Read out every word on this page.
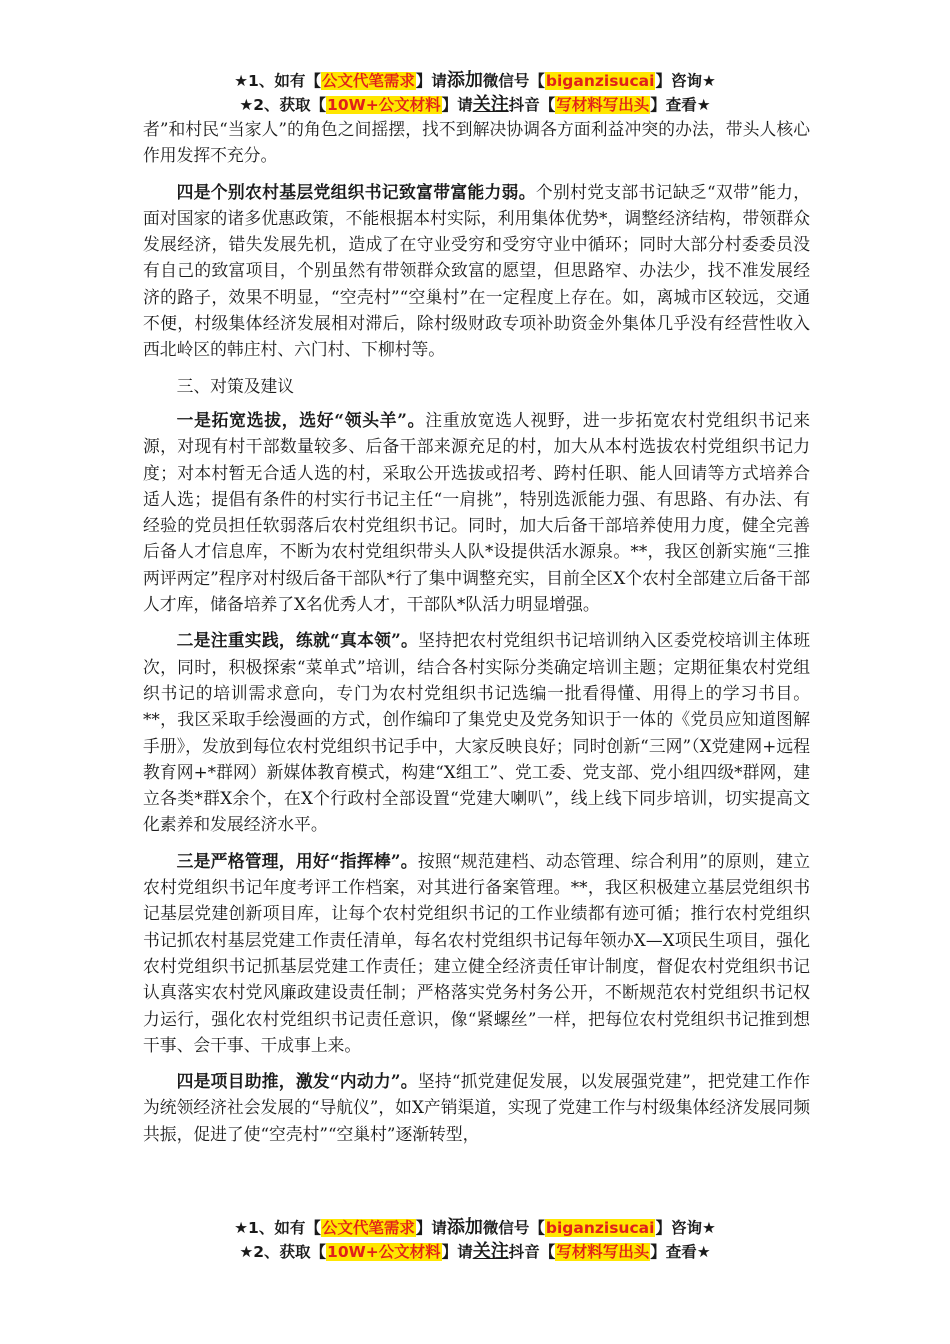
★1、如有【公文代笔需求】请添加微信号【biganzisucai】咨询★
★2、获取【10W+公文材料】请关注抖音【写材料写出头】查看★

者”和村民“当家人”的角色之间摇摆，找不到解决协调各方面利益冲突的办法，带头人核心作用发挥不充分。

四是个别农村基层党组织书记致富带富能力弱。个别村党支部书记缺乏“双带”能力，面对国家的诸多优惠政策，不能根据本村实际，利用集体优势*，调整经济结构，带领群众发展经济，错失发展先机，造成了在守业受穷和受穷守业中循环；同时大部分村委委员没有自己的致富项目，个别虽然有带领群众致富的愿望，但思路窄、办法少，找不准发展经济的路子，效果不明显，“空壳村”“空巢村”在一定程度上存在。如，离城市区较远，交通不便，村级集体经济发展相对滞后，除村级财政专项补助资金外集体几乎没有经营性收入西北岭区的韩庄村、六门村、下柳村等。

三、对策及建议

一是拓宽选拔，选好“领头羊”。注重放宽选人视野，进一步拓宽农村党组织书记来源，对现有村干部数量较多、后备干部来源充足的村，加大从本村选拔农村党组织书记力度；对本村暂无合适人选的村，采取公开选拔或招考、跨村任职、能人回请等方式培养合适人选；提倡有条件的村实行书记主任“一肩挑”，特别选派能力强、有思路、有办法、有经验的党员担任软弱落后农村党组织书记。同时，加大后备干部培养使用力度，健全完善后备人才信息库，不断为农村党组织带头人队*设提供活水源泉。**，我区创新实施“三推两评两定”程序对村级后备干部队*行了集中调整充实，目前全区X个农村全部建立后备干部人才库，储备培养了X名优秀人才，干部队*队活力明显增强。

二是注重实践，练就“真本领”。坚持把农村党组织书记培训纳入区委党校培训主体班次，同时，积极探索“菜单式”培训，结合各村实际分类确定培训主题；定期征集农村党组织书记的培训需求意向，专门为农村党组织书记选编一批看得懂、用得上的学习书目。**，我区采取手绘漫画的方式，创作编印了集党史及党务知识于一体的《党员应知道图解手册》，发放到每位农村党组织书记手中，大家反映良好；同时创新“三网”（X党建网+远程教育网+*群网）新媒体教育模式，构建“X组工”、党工委、党支部、党小组四级*群网，建立各类*群X余个，在X个行政村全部设置“党建大喇叭”，线上线下同步培训，切实提高文化素养和发展经济水平。

三是严格管理，用好“指挥棒”。按照“规范建档、动态管理、综合利用”的原则，建立农村党组织书记年度考评工作档案，对其进行备案管理。**，我区积极建立基层党组织书记基层党建创新项目库，让每个农村党组织书记的工作业绩都有迹可循；推行农村党组织书记抓农村基层党建工作责任清单，每名农村党组织书记每年领办X—X项民生项目，强化农村党组织书记抓基层党建工作责任；建立健全经济责任审计制度，督促农村党组织书记认真落实农村党风廉政建设责任制；严格落实党务村务公开，不断规范农村党组织书记权力运行，强化农村党组织书记责任意识，像“紧螺丝”一样，把每位农村党组织书记推到想干事、会干事、干成事上来。

四是项目助推，激发“内动力”。坚持“抓党建促发展，以发展强党建”，把党建工作作为统领经济社会发展的“导航仪”，如X产销渠道，实现了党建工作与村级集体经济发展同频共振，促进了使“空壳村”“空巢村”逐渐转型，

★1、如有【公文代笔需求】请添加微信号【biganzisucai】咨询★
★2、获取【10W+公文材料】请关注抖音【写材料写出头】查看★
